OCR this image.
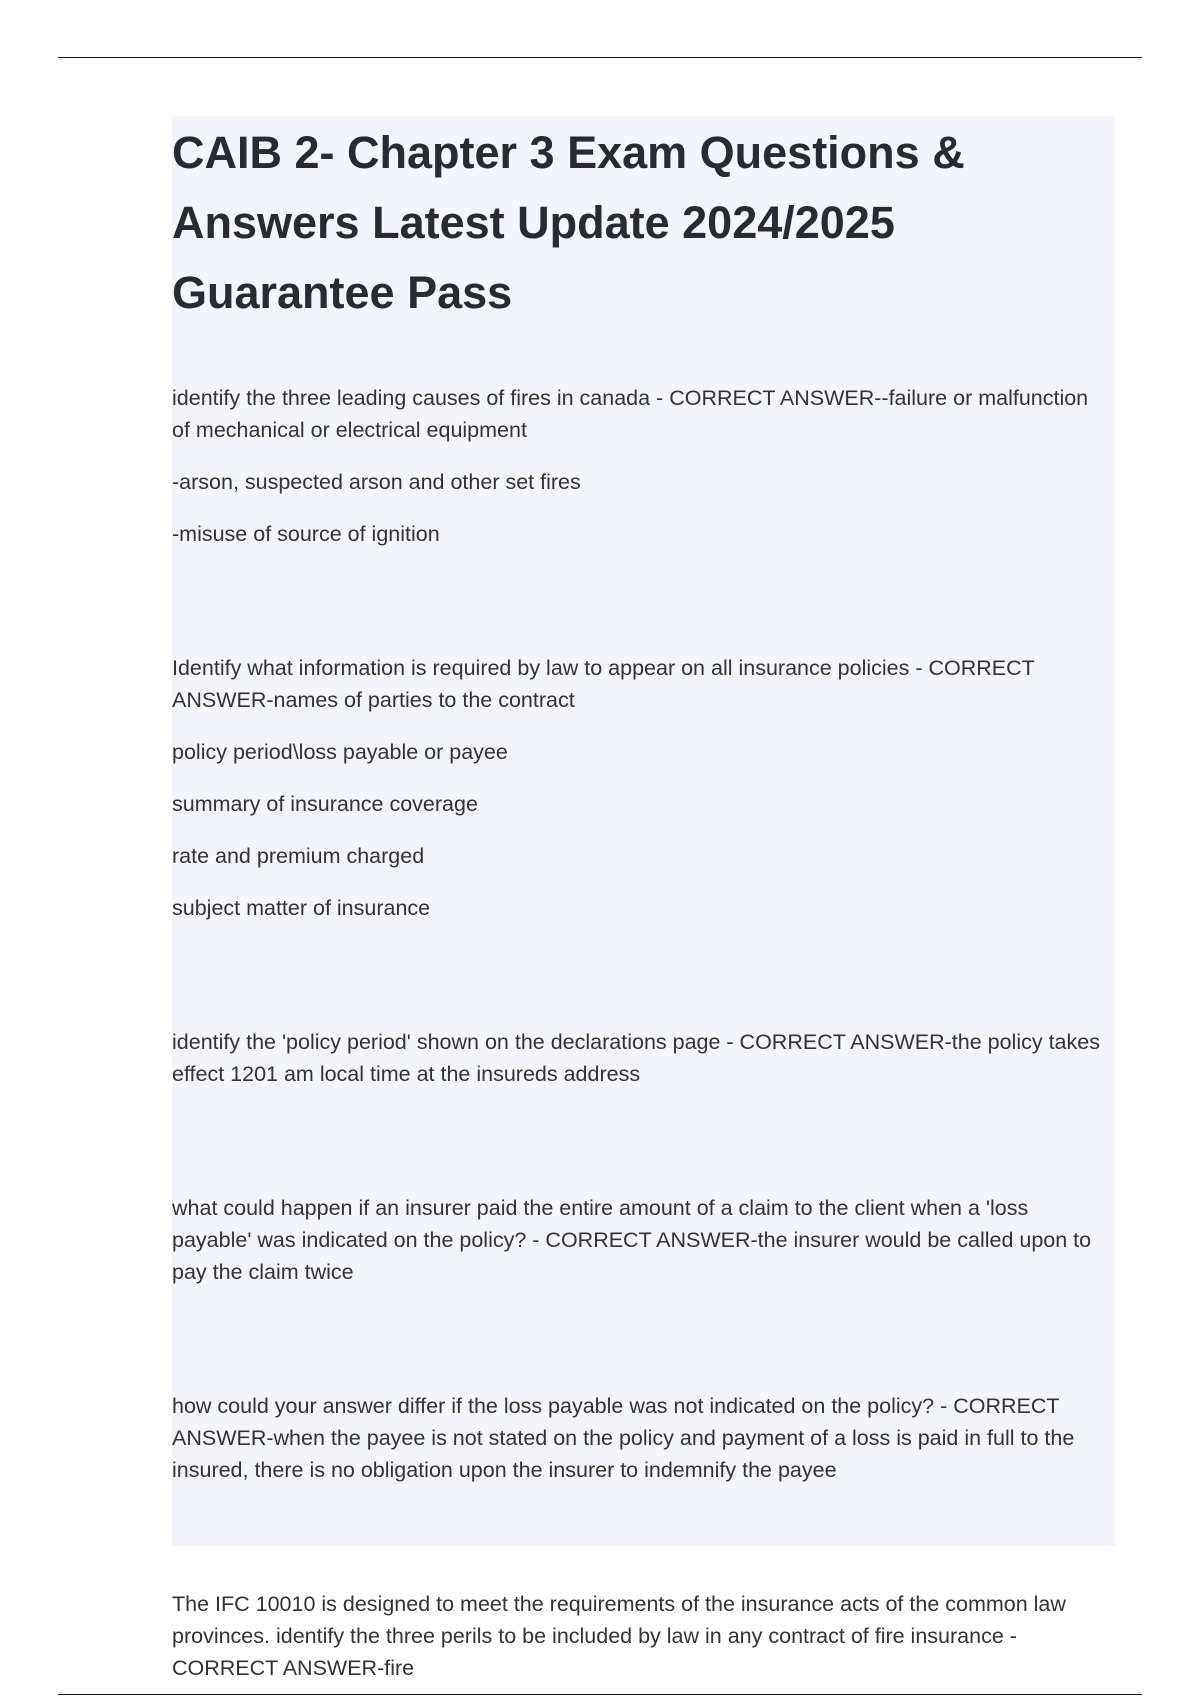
CAIB 2- Chapter 3 Exam Questions & Answers Latest Update 2024/2025 Guarantee Pass

identify the three leading causes of fires in canada - CORRECT ANSWER--failure or malfunction of mechanical or electrical equipment

-arson, suspected arson and other set fires

-misuse of source of ignition

Identify what information is required by law to appear on all insurance policies - CORRECT ANSWER-names of parties to the contract

policy period\loss payable or payee

summary of insurance coverage

rate and premium charged

subject matter of insurance

identify the 'policy period' shown on the declarations page - CORRECT ANSWER-the policy takes effect 1201 am local time at the insureds address

what could happen if an insurer paid the entire amount of a claim to the client when a 'loss payable' was indicated on the policy? - CORRECT ANSWER-the insurer would be called upon to pay the claim twice

how could your answer differ if the loss payable was not indicated on the policy? - CORRECT ANSWER-when the payee is not stated on the policy and payment of a loss is paid in full to the insured, there is no obligation upon the insurer to indemnify the payee

The IFC 10010 is designed to meet the requirements of the insurance acts of the common law provinces. identify the three perils to be included by law in any contract of fire insurance - CORRECT ANSWER-fire
